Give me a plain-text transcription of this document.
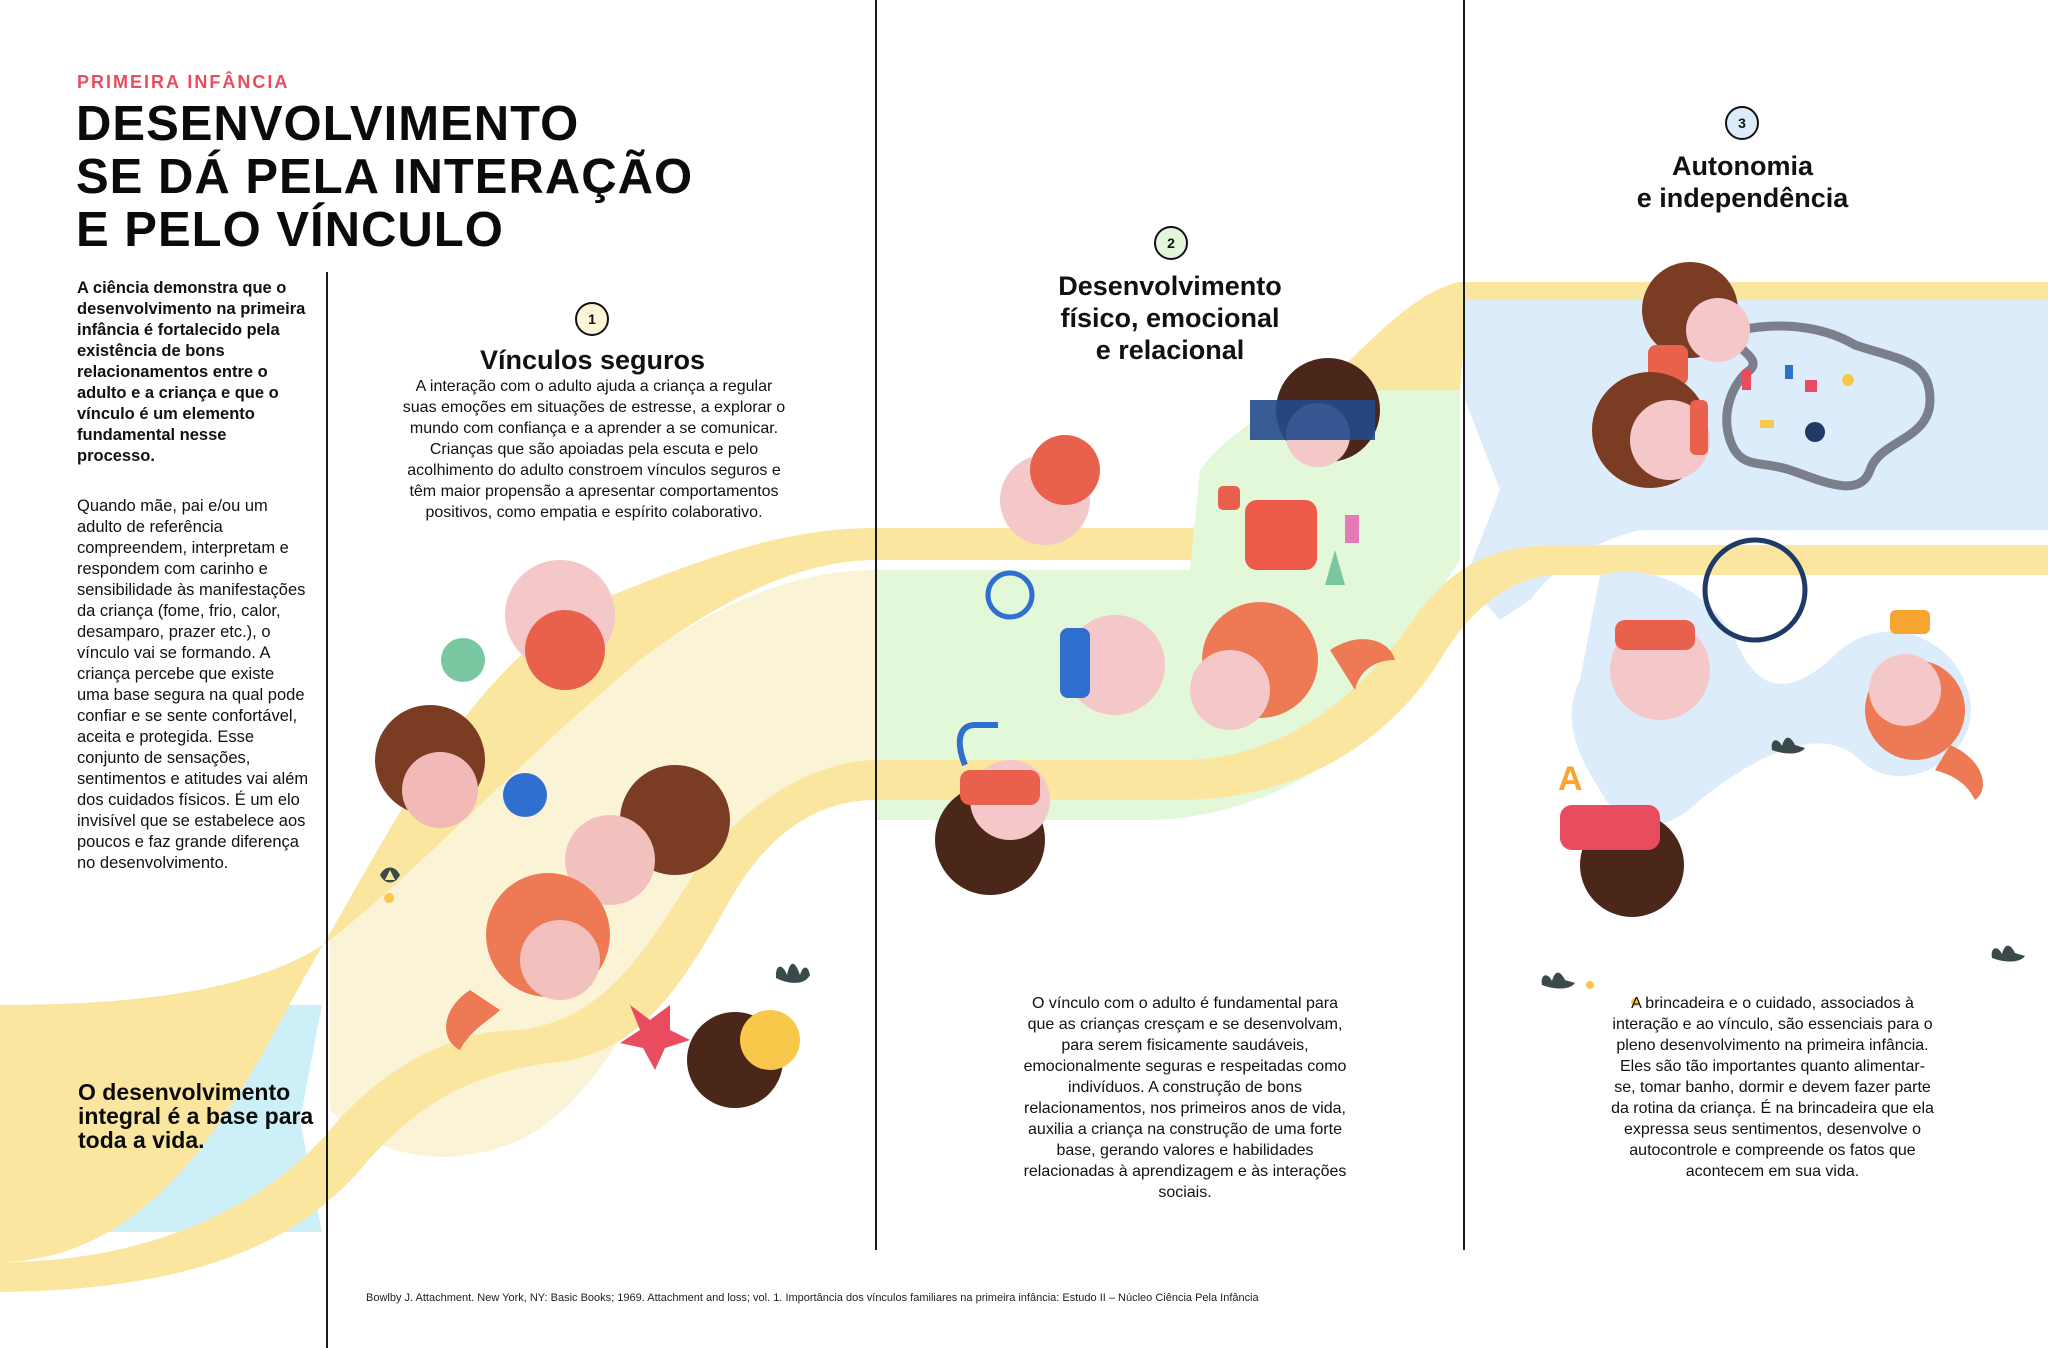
A
PRIMEIRA INFÂNCIA
DESENVOLVIMENTO
SE DÁ PELA INTERAÇÃO
E PELO VÍNCULO
A ciência demonstra que o desenvolvimento na primeira infância é fortalecido pela existência de bons relacionamentos entre o adulto e a criança e que o vínculo é um elemento fundamental nesse processo.
Quando mãe, pai e/ou um adulto de referência compreendem, interpretam e respondem com carinho e sensibilidade às manifestações da criança (fome, frio, calor, desamparo, prazer etc.), o vínculo vai se formando. A criança percebe que existe uma base segura na qual pode confiar e se sente confortável, aceita e protegida. Esse conjunto de sensações, sentimentos e atitudes vai além dos cuidados físicos. É um elo invisível que se estabelece aos poucos e faz grande diferença no desenvolvimento.
O desenvolvimento integral é a base para toda a vida.
1
Vínculos seguros
A interação com o adulto ajuda a criança a regular suas emoções em situações de estresse, a explorar o mundo com confiança e a aprender a se comunicar. Crianças que são apoiadas pela escuta e pelo acolhimento do adulto constroem vínculos seguros e têm maior propensão a apresentar comportamentos positivos, como empatia e espírito colaborativo.
2
Desenvolvimento
físico, emocional
e relacional
O vínculo com o adulto é fundamental para que as crianças cresçam e se desenvolvam, para serem fisicamente saudáveis, emocionalmente seguras e respeitadas como indivíduos. A construção de bons relacionamentos, nos primeiros anos de vida, auxilia a criança na construção de uma forte base, gerando valores e habilidades relacionadas à aprendizagem e às interações sociais.
3
Autonomia
e independência
A brincadeira e o cuidado, associados à interação e ao vínculo, são essenciais para o pleno desenvolvimento na primeira infância. Eles são tão importantes quanto alimentar-se, tomar banho, dormir e devem fazer parte da rotina da criança. É na brincadeira que ela expressa seus sentimentos, desenvolve o autocontrole e compreende os fatos que acontecem em sua vida.
Bowlby J. Attachment. New York, NY: Basic Books; 1969. Attachment and loss; vol. 1. Importância dos vínculos familiares na primeira infância: Estudo II – Núcleo Ciência Pela Infância
